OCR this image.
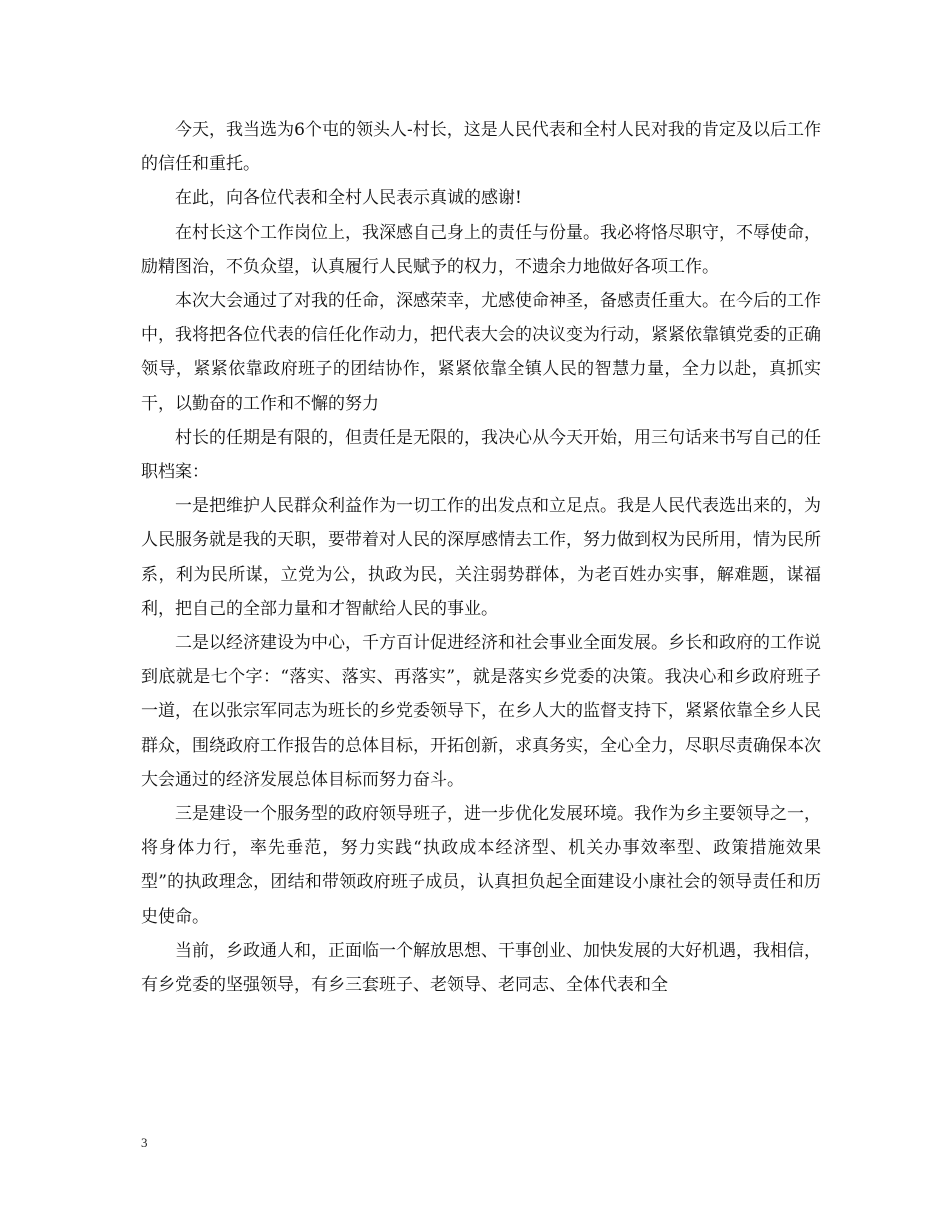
今天，我当选为6个屯的领头人-村长，这是人民代表和全村人民对我的肯定及以后工作的信任和重托。

在此，向各位代表和全村人民表示真诚的感谢!

在村长这个工作岗位上，我深感自己身上的责任与份量。我必将恪尽职守，不辱使命，励精图治，不负众望，认真履行人民赋予的权力，不遗余力地做好各项工作。

本次大会通过了对我的任命，深感荣幸，尤感使命神圣，备感责任重大。在今后的工作中，我将把各位代表的信任化作动力，把代表大会的决议变为行动，紧紧依靠镇党委的正确领导，紧紧依靠政府班子的团结协作，紧紧依靠全镇人民的智慧力量，全力以赴，真抓实干，以勤奋的工作和不懈的努力

村长的任期是有限的，但责任是无限的，我决心从今天开始，用三句话来书写自己的任职档案：

一是把维护人民群众利益作为一切工作的出发点和立足点。我是人民代表选出来的，为人民服务就是我的天职，要带着对人民的深厚感情去工作，努力做到权为民所用，情为民所系，利为民所谋，立党为公，执政为民，关注弱势群体，为老百姓办实事，解难题，谋福利，把自己的全部力量和才智献给人民的事业。

二是以经济建设为中心，千方百计促进经济和社会事业全面发展。乡长和政府的工作说到底就是七个字：“落实、落实、再落实”，就是落实乡党委的决策。我决心和乡政府班子一道，在以张宗军同志为班长的乡党委领导下，在乡人大的监督支持下，紧紧依靠全乡人民群众，围绕政府工作报告的总体目标，开拓创新，求真务实，全心全力，尽职尽责确保本次大会通过的经济发展总体目标而努力奋斗。

三是建设一个服务型的政府领导班子，进一步优化发展环境。我作为乡主要领导之一，将身体力行，率先垂范，努力实践“执政成本经济型、机关办事效率型、政策措施效果型”的执政理念，团结和带领政府班子成员，认真担负起全面建设小康社会的领导责任和历史使命。

当前，乡政通人和，正面临一个解放思想、干事创业、加快发展的大好机遇，我相信，有乡党委的坚强领导，有乡三套班子、老领导、老同志、全体代表和全

3
